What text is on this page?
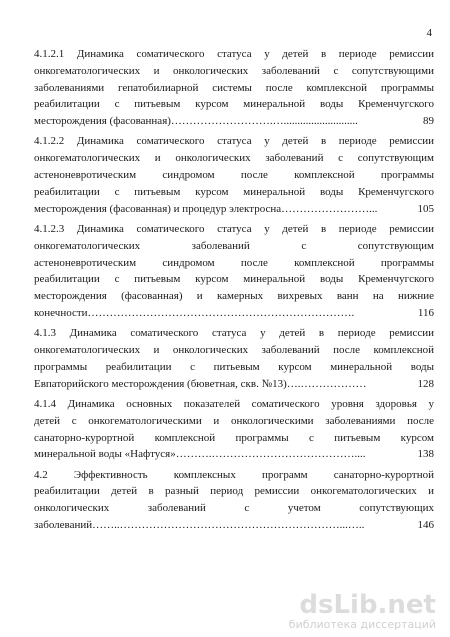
4
4.1.2.1 Динамика соматического статуса у детей в периоде ремиссии
онкогематологических и онкологических заболеваний с сопутствующими
заболеваниями гепатобилиарной системы после комплексной программы
реабилитации с питьевым курсом минеральной воды Кременчугского
месторождения (фасованная)……………………….…...........................	89
4.1.2.2 Динамика соматического статуса у детей в периоде ремиссии
онкогематологических и онкологических заболеваний с сопутствующим
астеноневротическим синдромом после комплексной программы
реабилитации с питьевым курсом минеральной воды Кременчугского
месторождения (фасованная) и процедур электросна……………………...	105
4.1.2.3 Динамика соматического статуса у детей в периоде ремиссии
онкогематологических заболеваний с сопутствующим
астеноневротическим синдромом после комплексной программы
реабилитации с питьевым курсом минеральной воды Кременчугского
месторождения (фасованная) и камерных вихревых ванн на нижние
конечности……………………………………………………………….	116
4.1.3 Динамика соматического статуса у детей в периоде ремиссии
онкогематологических и онкологических заболеваний после комплексной
программы реабилитации с питьевым курсом минеральной воды
Евпаторийского месторождения (бюветная, скв. №13)….………………	128
4.1.4 Динамика основных показателей соматического уровня здоровья у
детей с онкогематологическими и онкологическими заболеваниями после
санаторно-курортной комплексной программы с питьевым курсом
минеральной воды «Нафтуся»……….…………………………………....	138
4.2 Эффективность комплексных программ санаторно-курортной
реабилитации детей в разный период ремиссии онкогематологических и
онкологических заболеваний с учетом сопутствующих
заболеваний……..……………………………………………………...…..	146
dsLib.net
библиотека диссертаций
